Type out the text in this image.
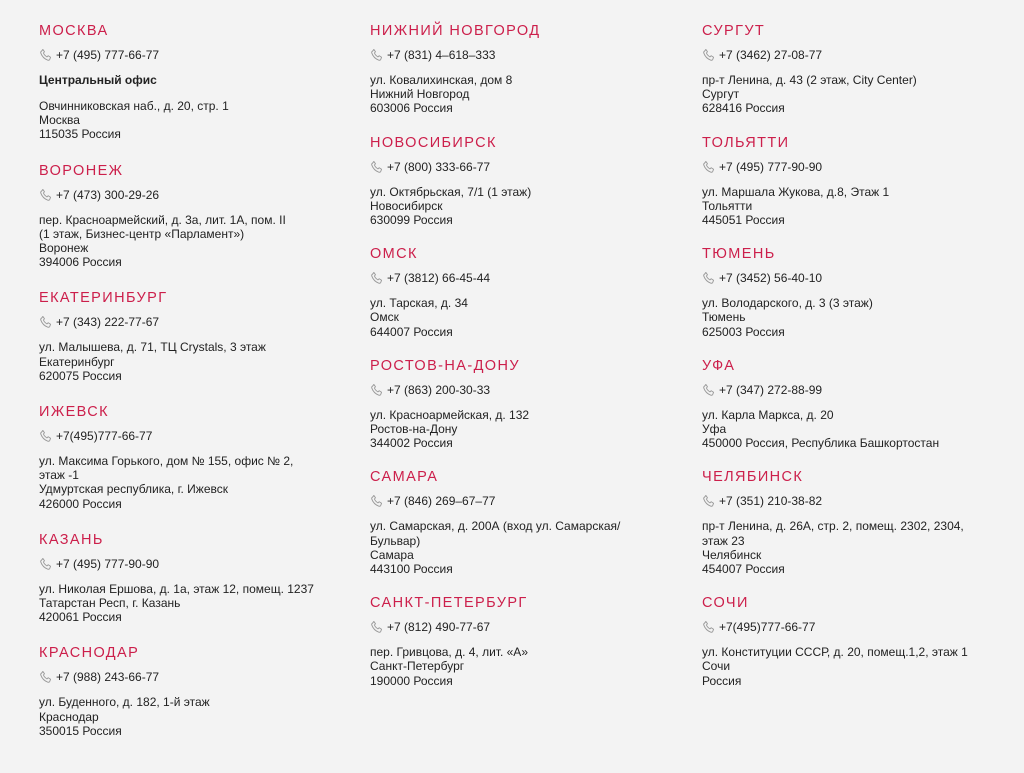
МОСКВА
+7 (495) 777-66-77
Центральный офис
Овчинниковская наб., д. 20, стр. 1
Москва
115035 Россия
ВОРОНЕЖ
+7 (473) 300-29-26
пер. Красноармейский, д. 3а, лит. 1А, пом. II
(1 этаж, Бизнес-центр «Парламент»)
Воронеж
394006 Россия
ЕКАТЕРИНБУРГ
+7 (343) 222-77-67
ул. Малышева, д. 71, ТЦ Crystals, 3 этаж
Екатеринбург
620075 Россия
ИЖЕВСК
+7(495)777-66-77
ул. Максима Горького, дом № 155, офис № 2,
этаж -1
Удмуртская республика, г. Ижевск
426000 Россия
КАЗАНЬ
+7 (495) 777-90-90
ул. Николая Ершова, д. 1а, этаж 12, помещ. 1237
Татарстан Респ, г. Казань
420061 Россия
КРАСНОДАР
+7 (988) 243-66-77
ул. Буденного, д. 182, 1-й этаж
Краснодар
350015 Россия
НИЖНИЙ НОВГОРОД
+7 (831) 4–618–333
ул. Ковалихинская, дом 8
Нижний Новгород
603006 Россия
НОВОСИБИРСК
+7 (800) 333-66-77
ул. Октябрьская, 7/1 (1 этаж)
Новосибирск
630099 Россия
ОМСК
+7 (3812) 66-45-44
ул. Тарская, д. 34
Омск
644007 Россия
РОСТОВ-НА-ДОНУ
+7 (863) 200-30-33
ул. Красноармейская, д. 132
Ростов-на-Дону
344002 Россия
САМАРА
+7 (846) 269–67–77
ул. Самарская, д. 200А (вход ул. Самарская/
Бульвар)
Самара
443100 Россия
САНКТ-ПЕТЕРБУРГ
+7 (812) 490-77-67
пер. Гривцова, д. 4, лит. «А»
Санкт-Петербург
190000 Россия
СУРГУТ
+7 (3462) 27-08-77
пр-т Ленина, д. 43 (2 этаж, City Center)
Сургут
628416 Россия
ТОЛЬЯТТИ
+7 (495) 777-90-90
ул. Маршала Жукова, д.8, Этаж 1
Тольятти
445051 Россия
ТЮМЕНЬ
+7 (3452) 56-40-10
ул. Володарского, д. 3 (3 этаж)
Тюмень
625003 Россия
УФА
+7 (347) 272-88-99
ул. Карла Маркса, д. 20
Уфа
450000 Россия, Республика Башкортостан
ЧЕЛЯБИНСК
+7 (351) 210-38-82
пр-т Ленина, д. 26А, стр. 2, помещ. 2302, 2304,
этаж 23
Челябинск
454007 Россия
СОЧИ
+7(495)777-66-77
ул. Конституции СССР, д. 20, помещ.1,2, этаж 1
Сочи
Россия
